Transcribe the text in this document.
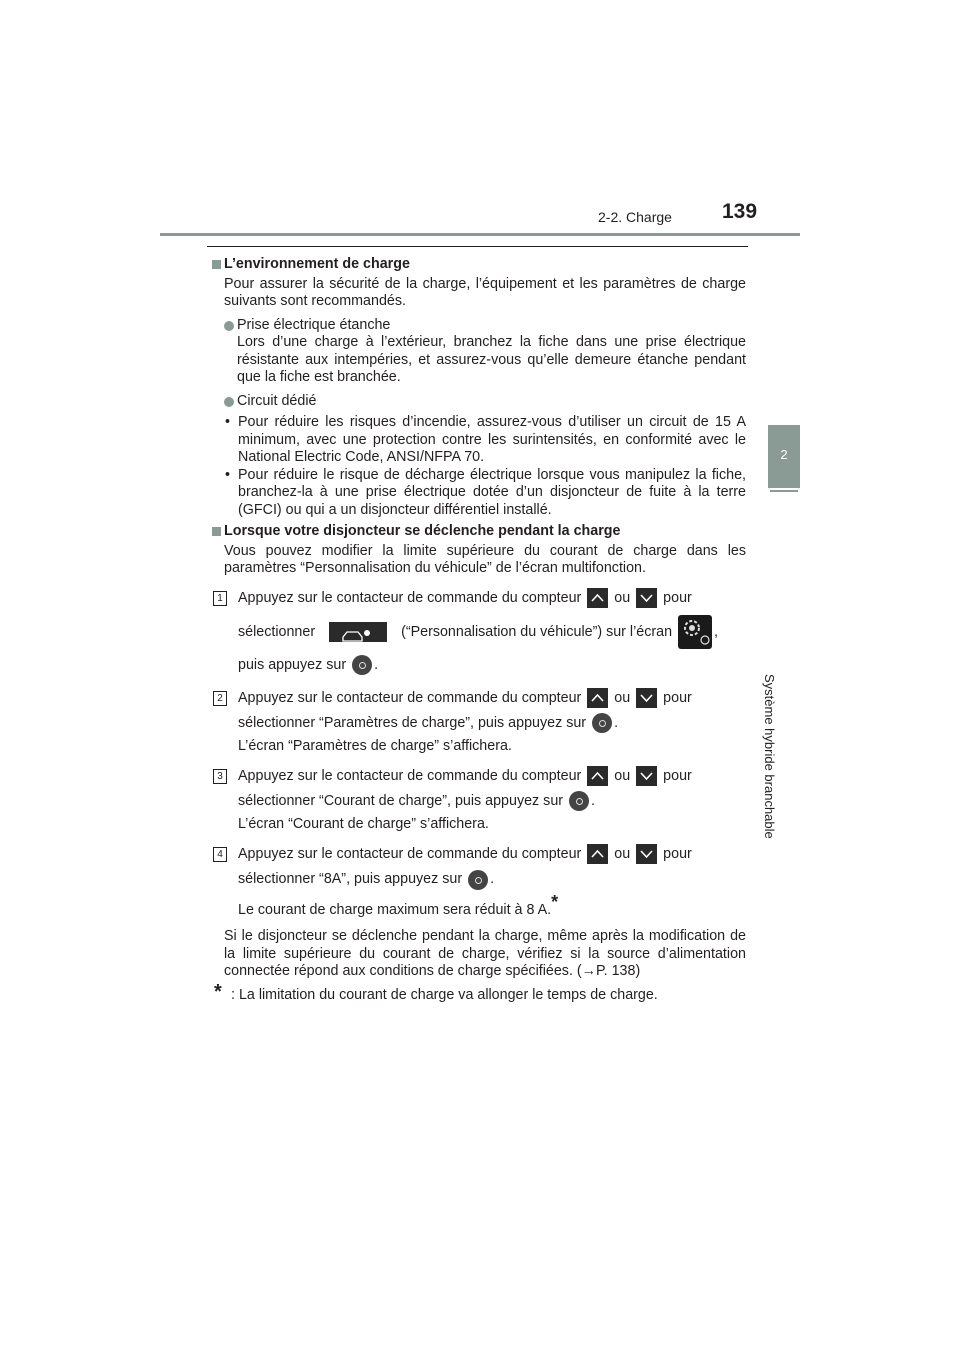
2-2. Charge 139
2
Système hybride branchable
L’environnement de charge
Pour assurer la sécurité de la charge, l’équipement et les paramètres de charge suivants sont recommandés.
Prise électrique étanche
Lors d’une charge à l’extérieur, branchez la fiche dans une prise électrique résistante aux intempéries, et assurez-vous qu’elle demeure étanche pendant que la fiche est branchée.
Circuit dédié
• Pour réduire les risques d’incendie, assurez-vous d’utiliser un circuit de 15 A minimum, avec une protection contre les surintensités, en conformité avec le National Electric Code, ANSI/NFPA 70.
• Pour réduire le risque de décharge électrique lorsque vous manipulez la fiche, branchez-la à une prise électrique dotée d’un disjoncteur de fuite à la terre (GFCI) ou qui a un disjoncteur différentiel installé.
Lorsque votre disjoncteur se déclenche pendant la charge
Vous pouvez modifier la limite supérieure du courant de charge dans les paramètres “Personnalisation du véhicule” de l’écran multifonction.
1 Appuyez sur le contacteur de commande du compteur ou pour

sélectionner	(“Personnalisation du véhicule”) sur l’écran	,

puis appuyez sur .

2 Appuyez sur le contacteur de commande du compteur ou pour

sélectionner “Paramètres de charge”, puis appuyez sur .

L’écran “Paramètres de charge” s’affichera.

3 Appuyez sur le contacteur de commande du compteur ou pour

sélectionner “Courant de charge”, puis appuyez sur .

L’écran “Courant de charge” s’affichera.

4 Appuyez sur le contacteur de commande du compteur ou pour

sélectionner “8A”, puis appuyez sur .

Le courant de charge maximum sera réduit à 8 A.*

Si le disjoncteur se déclenche pendant la charge, même après la modification de la limite supérieure du courant de charge, vérifiez si la source d’alimentation connectée répond aux conditions de charge spécifiées. (→P. 138)
* : La limitation du courant de charge va allonger le temps de charge.
